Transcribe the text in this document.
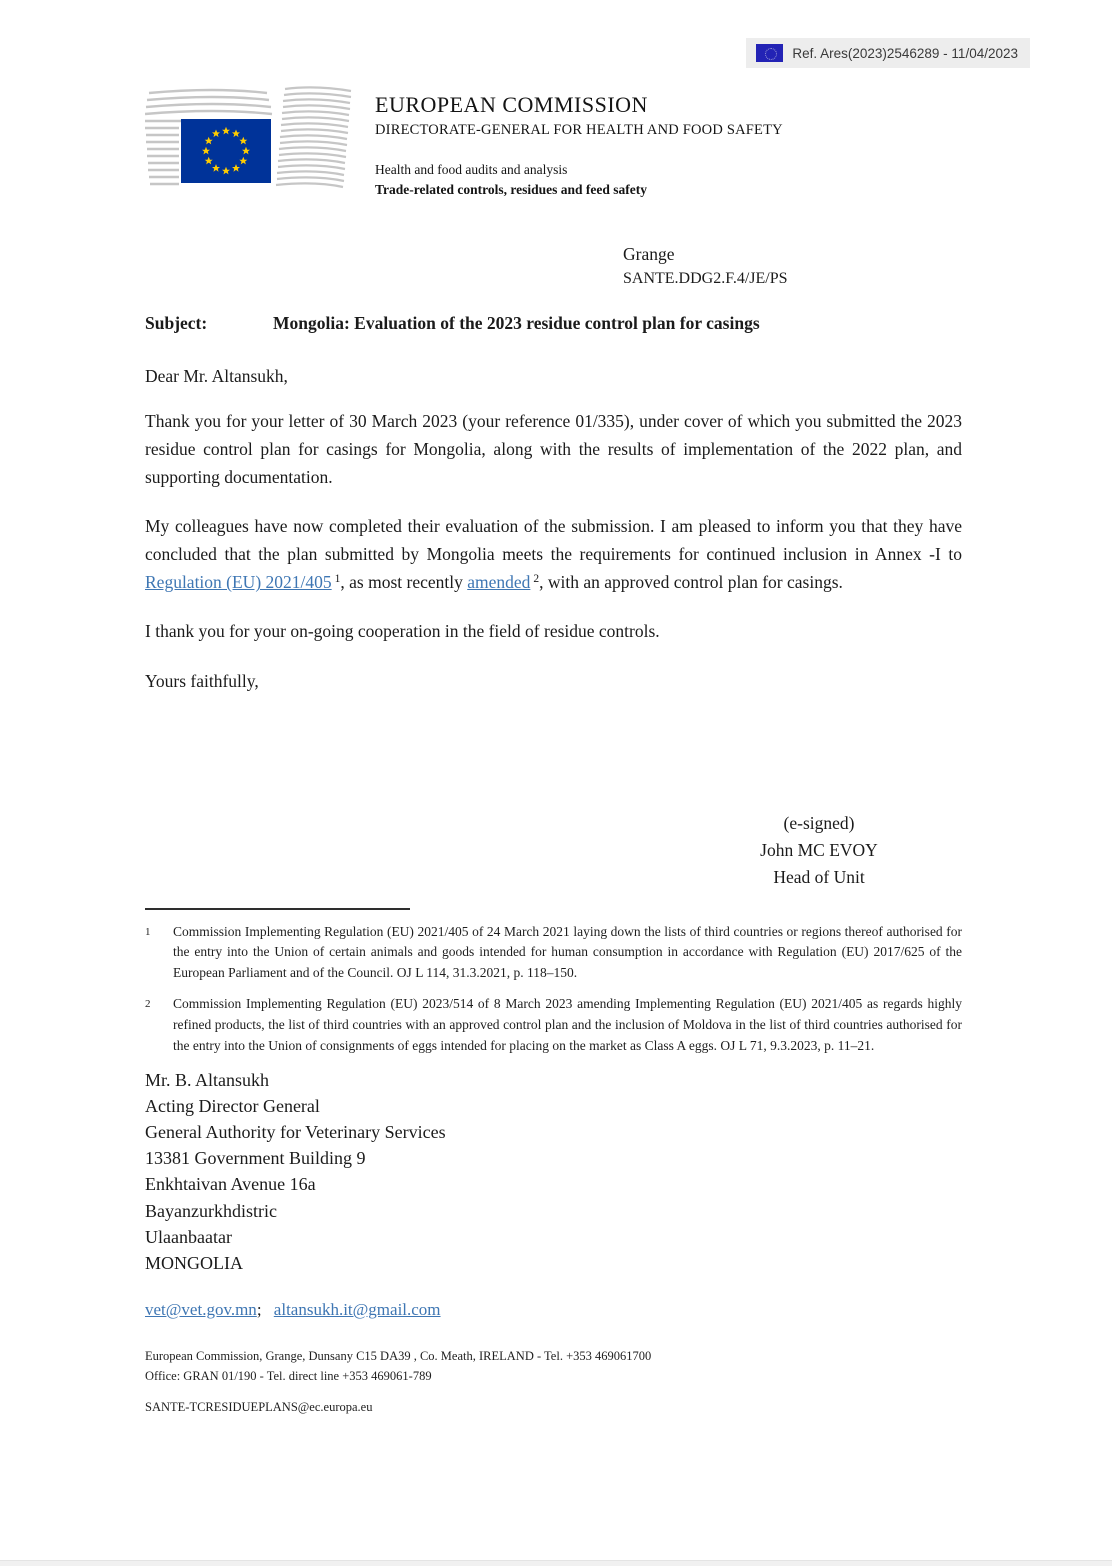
Ref. Ares(2023)2546289 - 11/04/2023
EUROPEAN COMMISSION
DIRECTORATE-GENERAL FOR HEALTH AND FOOD SAFETY
Health and food audits and analysis
Trade-related controls, residues and feed safety
Grange
SANTE.DDG2.F.4/JE/PS
Subject:	Mongolia: Evaluation of the 2023 residue control plan for casings
Dear Mr. Altansukh,

Thank you for your letter of 30 March 2023 (your reference 01/335), under cover of which you submitted the 2023 residue control plan for casings for Mongolia, along with the results of implementation of the 2022 plan, and supporting documentation.

My colleagues have now completed their evaluation of the submission. I am pleased to inform you that they have concluded that the plan submitted by Mongolia meets the requirements for continued inclusion in Annex -I to Regulation (EU) 2021/405 $^1$, as most recently amended $^2$, with an approved control plan for casings.

I thank you for your on-going cooperation in the field of residue controls.

Yours faithfully,
(e-signed)
John MC EVOY
Head of Unit
1	Commission Implementing Regulation (EU) 2021/405 of 24 March 2021 laying down the lists of third countries or regions thereof authorised for the entry into the Union of certain animals and goods intended for human consumption in accordance with Regulation (EU) 2017/625 of the European Parliament and of the Council. OJ L 114, 31.3.2021, p. 118–150.
2	Commission Implementing Regulation (EU) 2023/514 of 8 March 2023 amending Implementing Regulation (EU) 2021/405 as regards highly refined products, the list of third countries with an approved control plan and the inclusion of Moldova in the list of third countries authorised for the entry into the Union of consignments of eggs intended for placing on the market as Class A eggs. OJ L 71, 9.3.2023, p. 11–21.
Mr. B. Altansukh
Acting Director General
General Authority for Veterinary Services
13381 Government Building 9
Enkhtaivan Avenue 16a
Bayanzurkhdistric
Ulaanbaatar
MONGOLIA
vet@vet.gov.mn; altansukh.it@gmail.com
European Commission, Grange, Dunsany C15 DA39 , Co. Meath, IRELAND - Tel. +353 469061700
Office: GRAN 01/190 - Tel. direct line +353 469061-789
SANTE-TCRESIDUEPLANS@ec.europa.eu
